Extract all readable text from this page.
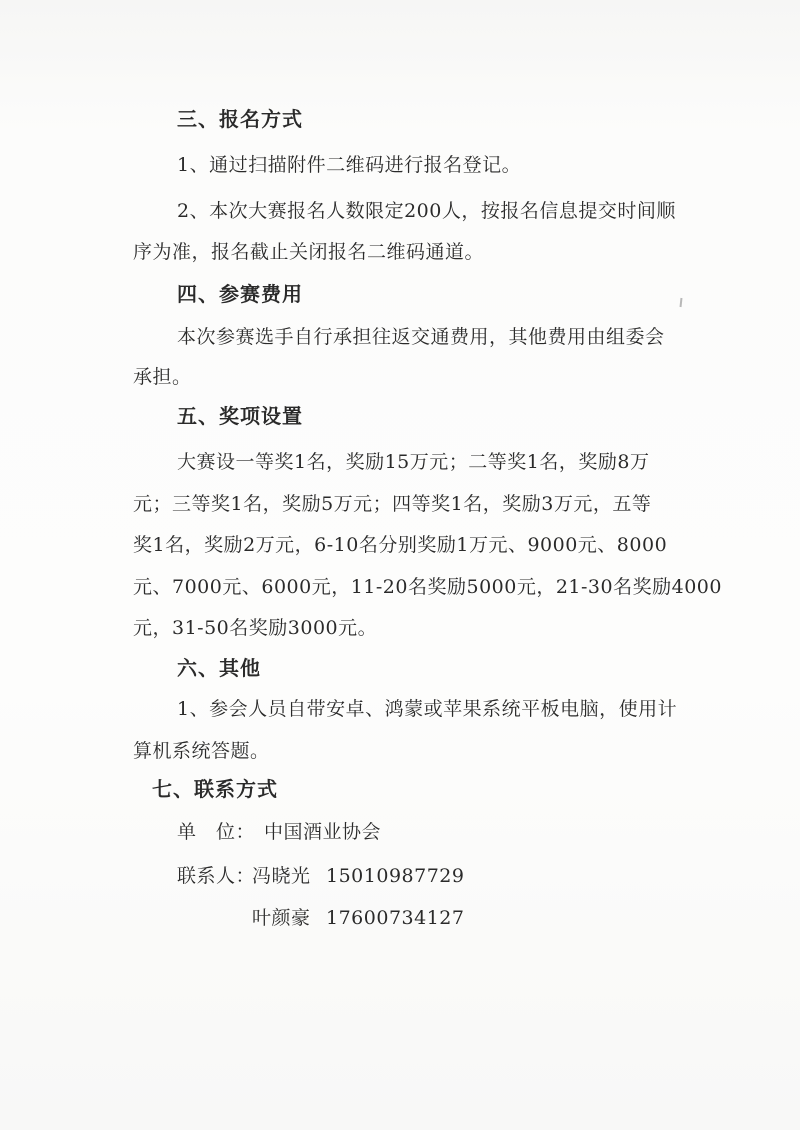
三、报名方式
1、通过扫描附件二维码进行报名登记。
2、本次大赛报名人数限定200人，按报名信息提交时间顺
序为准，报名截止关闭报名二维码通道。
四、参赛费用
本次参赛选手自行承担往返交通费用，其他费用由组委会
承担。
五、奖项设置
大赛设一等奖1名，奖励15万元；二等奖1名，奖励8万
元；三等奖1名，奖励5万元；四等奖1名，奖励3万元，五等
奖1名，奖励2万元，6-10名分别奖励1万元、9000元、8000
元、7000元、6000元，11-20名奖励5000元，21-30名奖励4000
元，31-50名奖励3000元。
六、其他
1、参会人员自带安卓、鸿蒙或苹果系统平板电脑，使用计
算机系统答题。
七、联系方式
单　位： 中国酒业协会
联系人：
冯晓光 15010987729
叶颜豪 17600734127
